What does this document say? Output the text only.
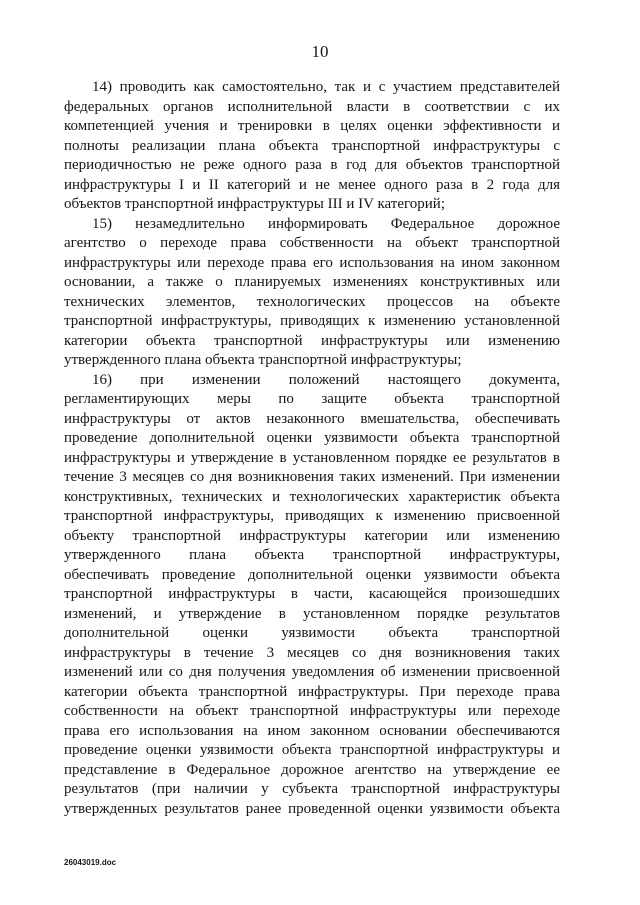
10

14) проводить как самостоятельно, так и с участием представителей
федеральных органов исполнительной власти в соответствии с их
компетенцией учения и тренировки в целях оценки эффективности и
полноты реализации плана объекта транспортной инфраструктуры с
периодичностью не реже одного раза в год для объектов транспортной
инфраструктуры I и II категорий и не менее одного раза в 2 года для
объектов транспортной инфраструктуры III и IV категорий;

15) незамедлительно информировать Федеральное дорожное
агентство о переходе права собственности на объект транспортной
инфраструктуры или переходе права его использования на ином законном
основании, а также о планируемых изменениях конструктивных или
технических элементов, технологических процессов на объекте
транспортной инфраструктуры, приводящих к изменению установленной
категории объекта транспортной инфраструктуры или изменению
утвержденного плана объекта транспортной инфраструктуры;

16) при изменении положений настоящего документа,
регламентирующих меры по защите объекта транспортной
инфраструктуры от актов незаконного вмешательства, обеспечивать
проведение дополнительной оценки уязвимости объекта транспортной
инфраструктуры и утверждение в установленном порядке ее результатов в
течение 3 месяцев со дня возникновения таких изменений. При изменении
конструктивных, технических и технологических характеристик объекта
транспортной инфраструктуры, приводящих к изменению присвоенной
объекту транспортной инфраструктуры категории или изменению
утвержденного плана объекта транспортной инфраструктуры,
обеспечивать проведение дополнительной оценки уязвимости объекта
транспортной инфраструктуры в части, касающейся произошедших
изменений, и утверждение в установленном порядке результатов
дополнительной оценки уязвимости объекта транспортной
инфраструктуры в течение 3 месяцев со дня возникновения таких
изменений или со дня получения уведомления об изменении присвоенной
категории объекта транспортной инфраструктуры. При переходе права
собственности на объект транспортной инфраструктуры или переходе
права его использования на ином законном основании обеспечиваются
проведение оценки уязвимости объекта транспортной инфраструктуры и
представление в Федеральное дорожное агентство на утверждение ее
результатов (при наличии у субъекта транспортной инфраструктуры
утвержденных результатов ранее проведенной оценки уязвимости объекта

26043019.doc
